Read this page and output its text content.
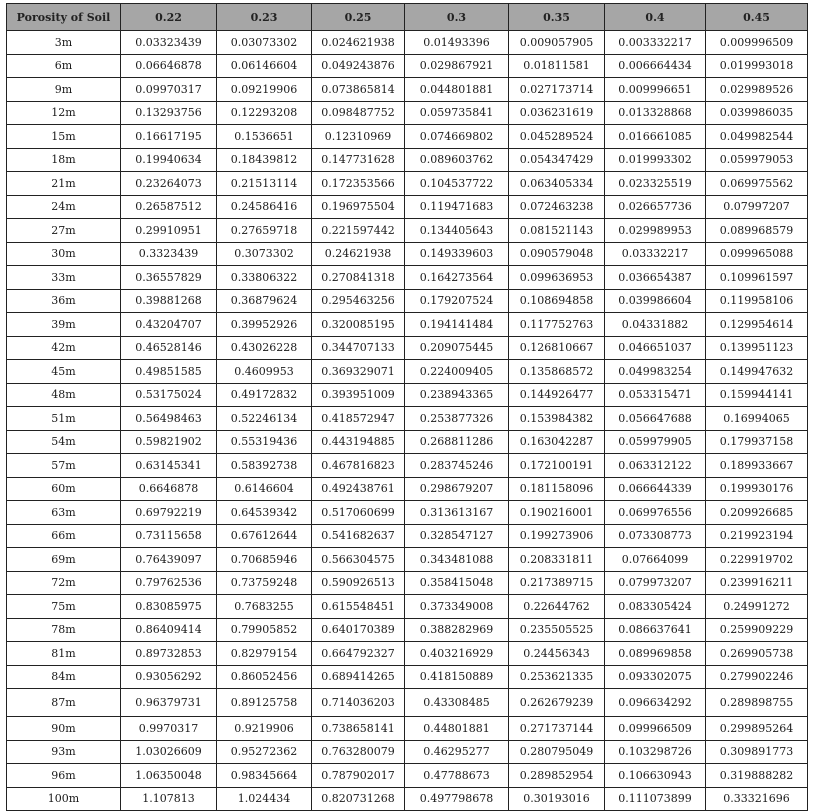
Porosity of Soil	0.22	0.23	0.25	0.3	0.35	0.4	0.45
3m	0.03323439	0.03073302	0.024621938	0.01493396	0.009057905	0.003332217	0.009996509
6m	0.06646878	0.06146604	0.049243876	0.029867921	0.01811581	0.006664434	0.019993018
9m	0.09970317	0.09219906	0.073865814	0.044801881	0.027173714	0.009996651	0.029989526
12m	0.13293756	0.12293208	0.098487752	0.059735841	0.036231619	0.013328868	0.039986035
15m	0.16617195	0.1536651	0.12310969	0.074669802	0.045289524	0.016661085	0.049982544
18m	0.19940634	0.18439812	0.147731628	0.089603762	0.054347429	0.019993302	0.059979053
21m	0.23264073	0.21513114	0.172353566	0.104537722	0.063405334	0.023325519	0.069975562
24m	0.26587512	0.24586416	0.196975504	0.119471683	0.072463238	0.026657736	0.07997207
27m	0.29910951	0.27659718	0.221597442	0.134405643	0.081521143	0.029989953	0.089968579
30m	0.3323439	0.3073302	0.24621938	0.149339603	0.090579048	0.03332217	0.099965088
33m	0.36557829	0.33806322	0.270841318	0.164273564	0.099636953	0.036654387	0.109961597
36m	0.39881268	0.36879624	0.295463256	0.179207524	0.108694858	0.039986604	0.119958106
39m	0.43204707	0.39952926	0.320085195	0.194141484	0.117752763	0.04331882	0.129954614
42m	0.46528146	0.43026228	0.344707133	0.209075445	0.126810667	0.046651037	0.139951123
45m	0.49851585	0.4609953	0.369329071	0.224009405	0.135868572	0.049983254	0.149947632
48m	0.53175024	0.49172832	0.393951009	0.238943365	0.144926477	0.053315471	0.159944141
51m	0.56498463	0.52246134	0.418572947	0.253877326	0.153984382	0.056647688	0.16994065
54m	0.59821902	0.55319436	0.443194885	0.268811286	0.163042287	0.059979905	0.179937158
57m	0.63145341	0.58392738	0.467816823	0.283745246	0.172100191	0.063312122	0.189933667
60m	0.6646878	0.6146604	0.492438761	0.298679207	0.181158096	0.066644339	0.199930176
63m	0.69792219	0.64539342	0.517060699	0.313613167	0.190216001	0.069976556	0.209926685
66m	0.73115658	0.67612644	0.541682637	0.328547127	0.199273906	0.073308773	0.219923194
69m	0.76439097	0.70685946	0.566304575	0.343481088	0.208331811	0.07664099	0.229919702
72m	0.79762536	0.73759248	0.590926513	0.358415048	0.217389715	0.079973207	0.239916211
75m	0.83085975	0.7683255	0.615548451	0.373349008	0.22644762	0.083305424	0.24991272
78m	0.86409414	0.79905852	0.640170389	0.388282969	0.235505525	0.086637641	0.259909229
81m	0.89732853	0.82979154	0.664792327	0.403216929	0.24456343	0.089969858	0.269905738
84m	0.93056292	0.86052456	0.689414265	0.418150889	0.253621335	0.093302075	0.279902246
87m	0.96379731	0.89125758	0.714036203	0.43308485	0.262679239	0.096634292	0.289898755
90m	0.9970317	0.9219906	0.738658141	0.44801881	0.271737144	0.099966509	0.299895264
93m	1.03026609	0.95272362	0.763280079	0.46295277	0.280795049	0.103298726	0.309891773
96m	1.06350048	0.98345664	0.787902017	0.47788673	0.289852954	0.106630943	0.319888282
100m	1.107813	1.024434	0.820731268	0.497798678	0.30193016	0.111073899	0.33321696
